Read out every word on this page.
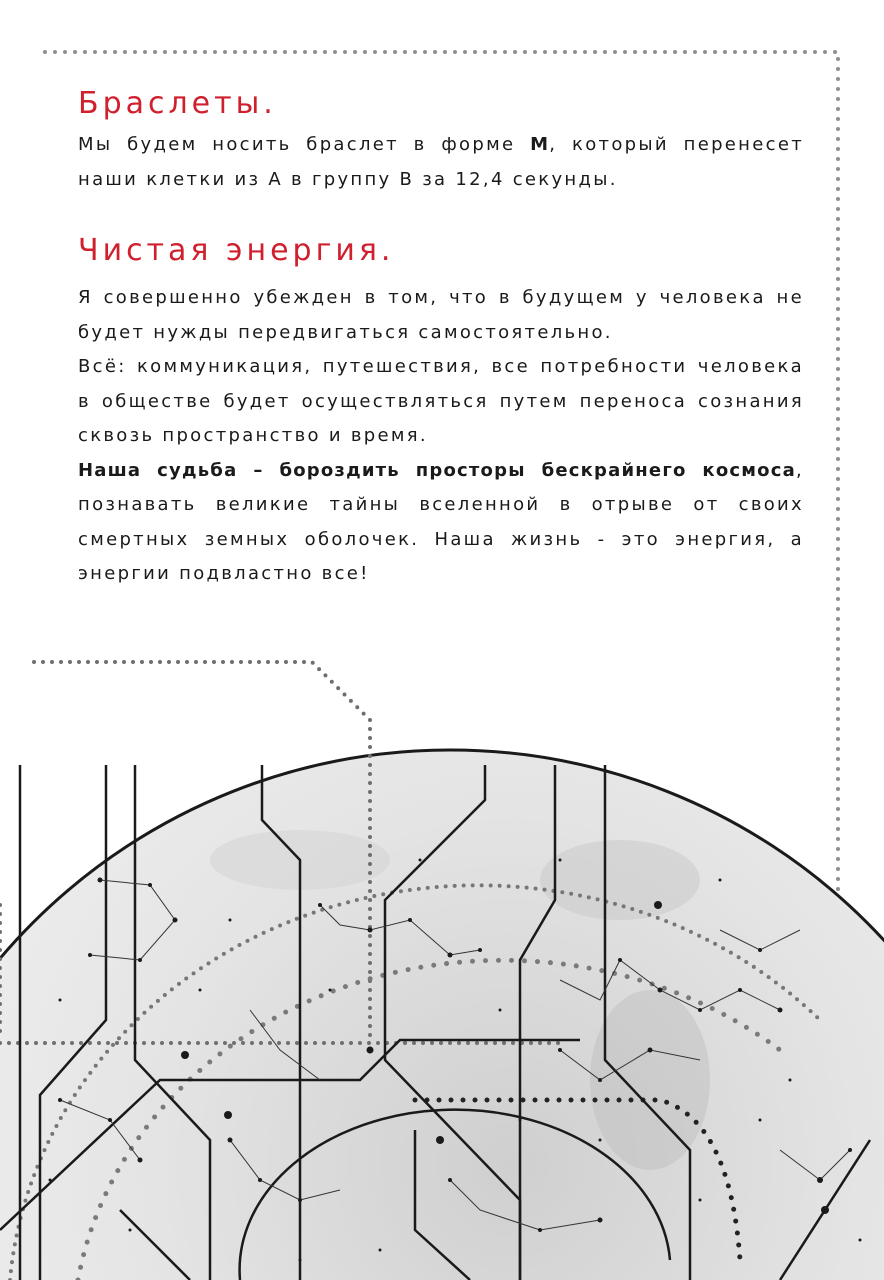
Браслеты.

Мы будем носить браслет в форме М, который перенесет наши клетки из А в группу В за 12,4 секунды.

Чистая энергия.

Я совершенно убежден в том, что в будущем у человека не будет нужды передвигаться самостоятельно.

Всё: коммуникация, путешествия, все потребности человека в обществе будет осуществляться путем переноса сознания сквозь пространство и время.

Наша судьба – бороздить просторы бескрайнего космоса, познавать великие тайны вселенной в отрыве от своих смертных земных оболочек. Наша жизнь - это энергия, а энергии подвластно все!
